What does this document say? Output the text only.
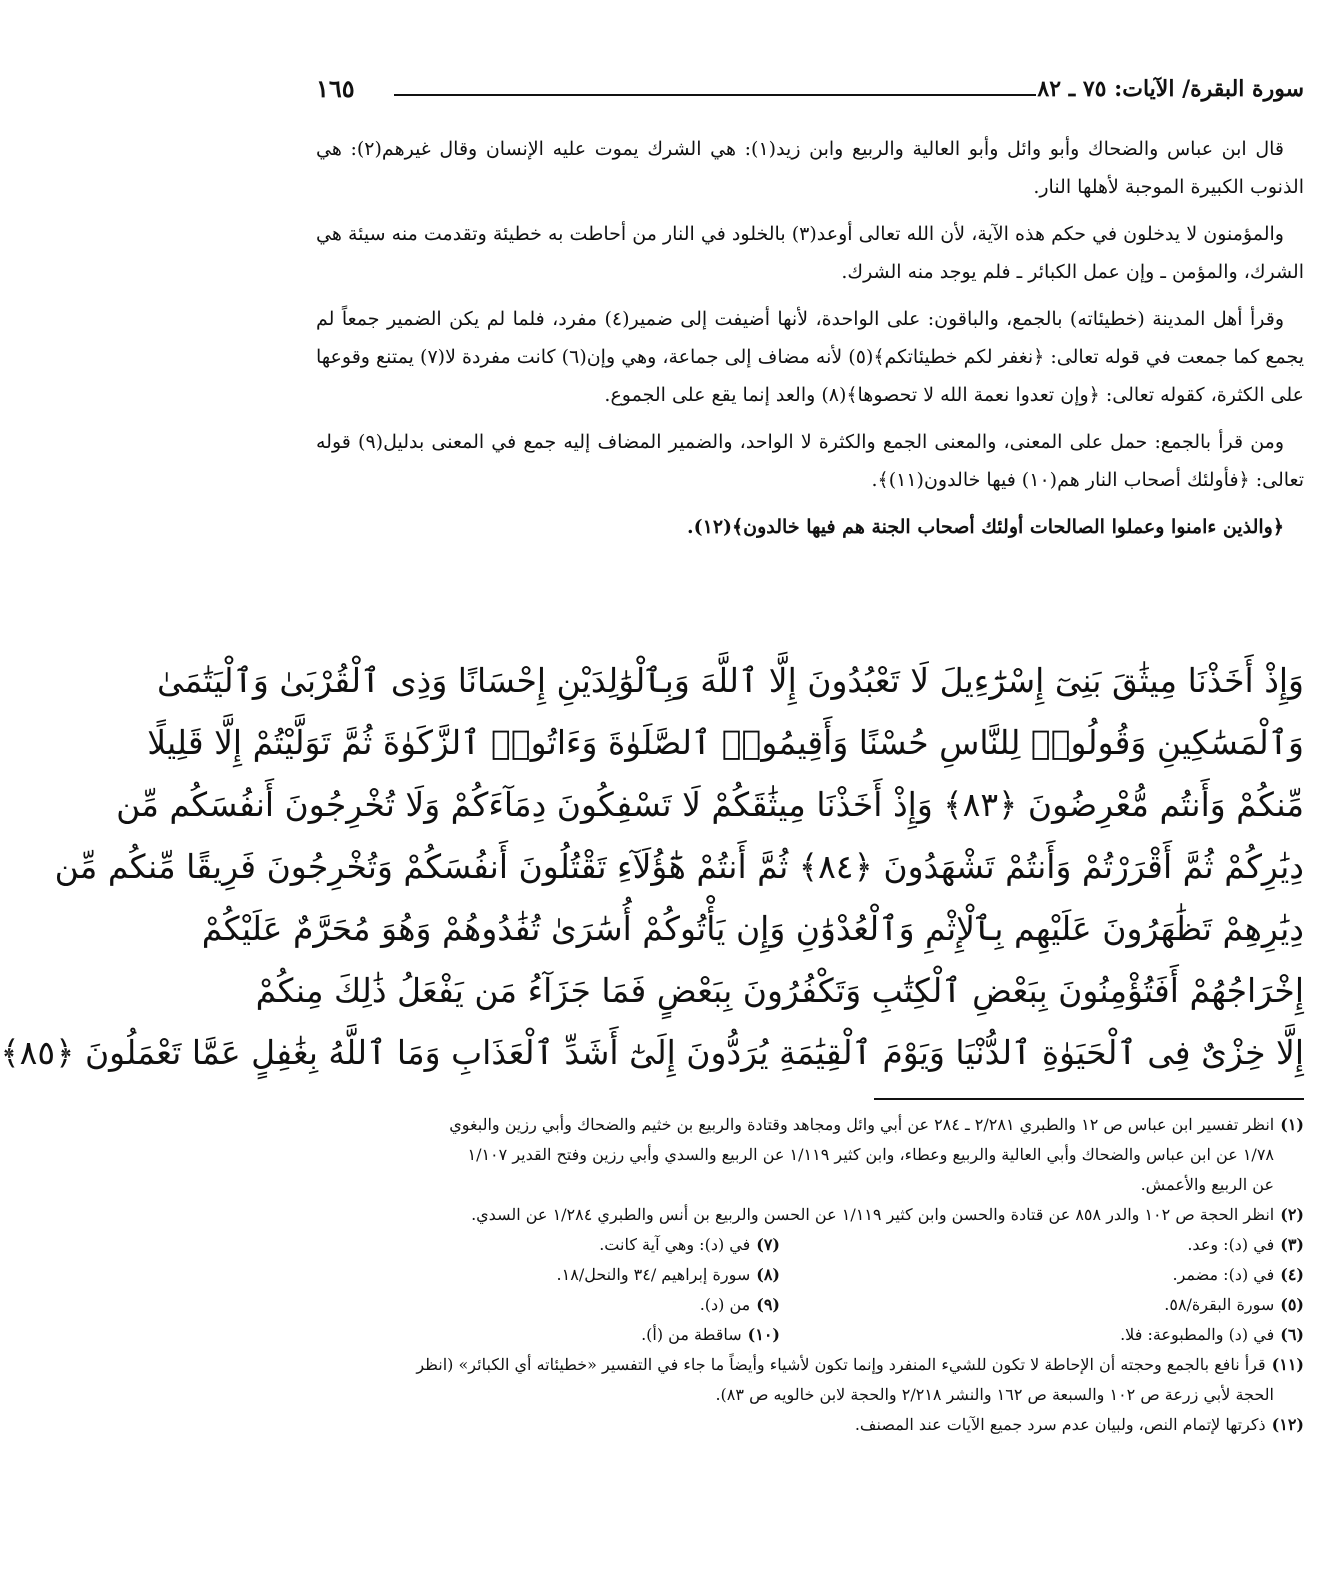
سورة البقرة/ الآيات: ٧٥ ـ ٨٢
١٦٥

قال ابن عباس والضحاك وأبو وائل وأبو العالية والربيع وابن زيد(١): هي الشرك يموت عليه الإنسان وقال غيرهم(٢): هي الذنوب الكبيرة الموجبة لأهلها النار.

والمؤمنون لا يدخلون في حكم هذه الآية، لأن الله تعالى أوعد(٣) بالخلود في النار من أحاطت به خطيئة وتقدمت منه سيئة هي الشرك، والمؤمن ـ وإن عمل الكبائر ـ فلم يوجد منه الشرك.

وقرأ أهل المدينة (خطيئاته) بالجمع، والباقون: على الواحدة، لأنها أضيفت إلى ضمير(٤) مفرد، فلما لم يكن الضمير جمعاً لم يجمع كما جمعت في قوله تعالى: ﴿نغفر لكم خطيئاتكم﴾(٥) لأنه مضاف إلى جماعة، وهي وإن(٦) كانت مفردة لا(٧) يمتنع وقوعها على الكثرة، كقوله تعالى: ﴿وإن تعدوا نعمة الله لا تحصوها﴾(٨) والعد إنما يقع على الجموع.

ومن قرأ بالجمع: حمل على المعنى، والمعنى الجمع والكثرة لا الواحد، والضمير المضاف إليه جمع في المعنى بدليل(٩) قوله تعالى: ﴿فأولئك أصحاب النار هم(١٠) فيها خالدون(١١)﴾.

﴿والذين ءامنوا وعملوا الصالحات أولئك أصحاب الجنة هم فيها خالدون﴾(١٢).

وَإِذْ أَخَذْنَا مِيثَٰقَ بَنِىٓ إِسْرَٰٓءِيلَ لَا تَعْبُدُونَ إِلَّا ٱللَّهَ وَبِٱلْوَٰلِدَيْنِ إِحْسَانًا وَذِى ٱلْقُرْبَىٰ وَٱلْيَتَٰمَىٰ
وَٱلْمَسَٰكِينِ وَقُولُوا۟ لِلنَّاسِ حُسْنًا وَأَقِيمُوا۟ ٱلصَّلَوٰةَ وَءَاتُوا۟ ٱلزَّكَوٰةَ ثُمَّ تَوَلَّيْتُمْ إِلَّا قَلِيلًا
مِّنكُمْ وَأَنتُم مُّعْرِضُونَ ﴿٨٣﴾ وَإِذْ أَخَذْنَا مِيثَٰقَكُمْ لَا تَسْفِكُونَ دِمَآءَكُمْ وَلَا تُخْرِجُونَ أَنفُسَكُم مِّن
دِيَٰرِكُمْ ثُمَّ أَقْرَرْتُمْ وَأَنتُمْ تَشْهَدُونَ ﴿٨٤﴾ ثُمَّ أَنتُمْ هَٰٓؤُلَآءِ تَقْتُلُونَ أَنفُسَكُمْ وَتُخْرِجُونَ فَرِيقًا مِّنكُم مِّن
دِيَٰرِهِمْ تَظَٰهَرُونَ عَلَيْهِم بِٱلْإِثْمِ وَٱلْعُدْوَٰنِ وَإِن يَأْتُوكُمْ أُسَٰرَىٰ تُفَٰدُوهُمْ وَهُوَ مُحَرَّمٌ عَلَيْكُمْ
إِخْرَاجُهُمْ أَفَتُؤْمِنُونَ بِبَعْضِ ٱلْكِتَٰبِ وَتَكْفُرُونَ بِبَعْضٍ فَمَا جَزَآءُ مَن يَفْعَلُ ذَٰلِكَ مِنكُمْ
إِلَّا خِزْىٌ فِى ٱلْحَيَوٰةِ ٱلدُّنْيَا وَيَوْمَ ٱلْقِيَٰمَةِ يُرَدُّونَ إِلَىٰٓ أَشَدِّ ٱلْعَذَابِ وَمَا ٱللَّهُ بِغَٰفِلٍ عَمَّا تَعْمَلُونَ ﴿٨٥﴾

(١)انظر تفسير ابن عباس ص ١٢ والطبري ٢/٢٨١ ـ ٢٨٤ عن أبي وائل ومجاهد وقتادة والربيع بن خثيم والضحاك وأبي رزين والبغوي

١/٧٨ عن ابن عباس والضحاك وأبي العالية والربيع وعطاء، وابن كثير ١/١١٩ عن الربيع والسدي وأبي رزين وفتح القدير ١/١٠٧

عن الربيع والأعمش.

(٢)انظر الحجة ص ١٠٢ والدر ٨٥٨ عن قتادة والحسن وابن كثير ١/١١٩ عن الحسن والربيع بن أنس والطبري ١/٢٨٤ عن السدي.

(٣)في (د): وعد.

(٤)في (د): مضمر.

(٥)سورة البقرة/٥٨.

(٦)في (د) والمطبوعة: فلا.

(٧)في (د): وهي آية كانت.

(٨)سورة إبراهيم /٣٤ والنحل/١٨.

(٩)من (د).

(١٠)ساقطة من (أ).

(١١)قرأ نافع بالجمع وحجته أن الإحاطة لا تكون للشيء المنفرد وإنما تكون لأشياء وأيضاً ما جاء في التفسير «خطيئاته أي الكبائر» (انظر

الحجة لأبي زرعة ص ١٠٢ والسبعة ص ١٦٢ والنشر ٢/٢١٨ والحجة لابن خالويه ص ٨٣).

(١٢)ذكرتها لإتمام النص، ولبيان عدم سرد جميع الآيات عند المصنف.
